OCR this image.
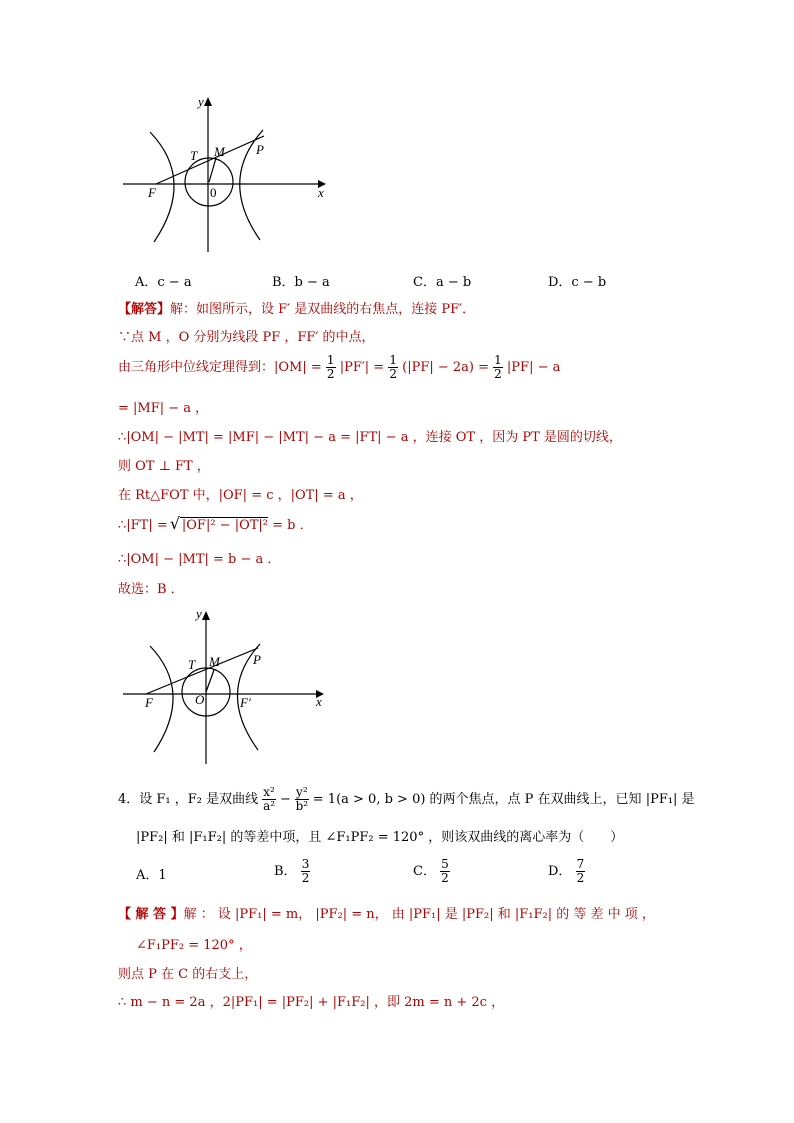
y
x
T M P
F	0
A．c − a	B．b − a	C．a − b	D．c − b
【解答】解：如图所示，设 F′ 是双曲线的右焦点，连接 PF′．
∵点 M ，O 分别为线段 PF ，FF′ 的中点，
由三角形中位线定理得到：$|OM| = \frac{1}{2} |PF'| = \frac{1}{2} (|PF| - 2a) = \frac{1}{2} |PF| - a$
= |MF| − a ，
∴|OM| − |MT| = |MF| − |MT| − a = |FT| − a ，连接 OT ，因为 PT 是圆的切线，
则 OT ⊥ FT ，
在 Rt△FOT 中，|OF| = c ，|OT| = a ，
∴|FT| = √ |OF|² − |OT|² = b ．
∴|OM| − |MT| = b − a ．
故选：B ．
y
x
T M	P
F	O	F′
4．设 F₁ ，F₂ 是双曲线 $\frac{\text{x²}}{\text{a²}} - \frac{\text{y²}}{\text{b²}} = 1(a > 0$, b > 0) 的两个焦点，点 P 在双曲线上，已知 |PF₁| 是
|PF₂| 和 |F₁F₂| 的等差中项，且 ∠F₁PF₂ = 120° ，则该双曲线的离心率为（　　）
A．1	B． $\frac{3}{2}$	C． $\frac{5}{2}$	D． $\frac{7}{2}$
【 解 答 】解 ： 设 |PF₁| = m， |PF₂| = n， 由 |PF₁| 是 |PF₂| 和 |F₁F₂| 的 等 差 中 项 ，
∠F₁PF₂ = 120° ，
则点 P 在 C 的右支上，
∴ m − n = 2a ，2|PF₁| = |PF₂| + |F₁F₂| ，即 2m = n + 2c ，
